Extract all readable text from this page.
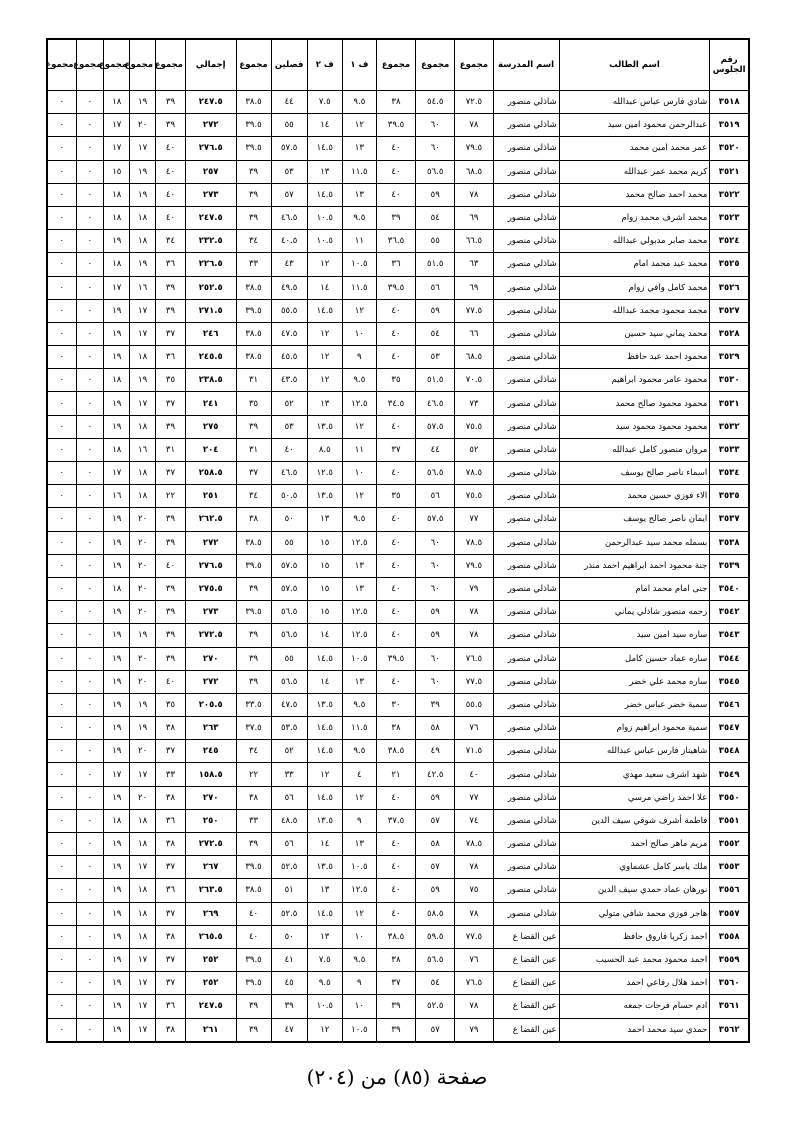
رقم الجلوس	اسم الطالب	اسم المدرسة	مجموع	مجموع	مجموع	ف ١	ف ٢	فصلين	مجموع	إجمالي	مجموع	مجموع	مجموع	مجموع	مجموع
٣٥١٨	شادي فارس عباس عبدالله	شاذلي منصور	٧٢.٥	٥٤.٥	٣٨	٩.٥	٧.٥	٤٤	٣٨.٥	٢٤٧.٥	٣٩	١٩	١٨	٠	٠
٣٥١٩	عبدالرحمن محمود امين سيد	شاذلي منصور	٧٨	٦٠	٣٩.٥	١٢	١٤	٥٥	٣٩.٥	٢٧٢	٣٩	٢٠	١٧	٠	٠
٣٥٢٠	عمر محمد امين محمد	شاذلي منصور	٧٩.٥	٦٠	٤٠	١٣	١٤.٥	٥٧.٥	٣٩.٥	٢٧٦.٥	٤٠	١٧	١٧	٠	٠
٣٥٢١	كريم محمد عمر عبدالله	شاذلي منصور	٦٨.٥	٥٦.٥	٤٠	١١.٥	١٣	٥٣	٣٩	٢٥٧	٤٠	١٩	١٥	٠	٠
٣٥٢٢	محمد احمد صالح محمد	شاذلي منصور	٧٨	٥٩	٤٠	١٣	١٤.٥	٥٧	٣٩	٢٧٣	٤٠	١٩	١٨	٠	٠
٣٥٢٣	محمد اشرف محمد زوام	شاذلي منصور	٦٩	٥٤	٣٩	٩.٥	١٠.٥	٤٦.٥	٣٩	٢٤٧.٥	٤٠	١٨	١٨	٠	٠
٣٥٢٤	محمد صابر مدبولي عبدالله	شاذلي منصور	٦٦.٥	٥٥	٣٦.٥	١١	١٠.٥	٤٠.٥	٣٤	٢٣٢.٥	٣٤	١٨	١٩	٠	٠
٣٥٢٥	محمد عيد محمد امام	شاذلي منصور	٦٣	٥١.٥	٣٦	١٠.٥	١٢	٤٣	٣٣	٢٢٦.٥	٣٦	١٩	١٨	٠	٠
٣٥٢٦	محمد كامل وافي زوام	شاذلي منصور	٦٩	٥٦	٣٩.٥	١١.٥	١٤	٤٩.٥	٣٨.٥	٢٥٢.٥	٣٩	١٦	١٧	٠	٠
٣٥٢٧	محمد محمود محمد عبدالله	شاذلي منصور	٧٧.٥	٥٩	٤٠	١٢	١٤.٥	٥٥.٥	٣٩.٥	٢٧١.٥	٣٩	١٧	١٩	٠	٠
٣٥٢٨	محمد يماني سيد حسين	شاذلي منصور	٦٦	٥٤	٤٠	١٠	١٢	٤٧.٥	٣٨.٥	٢٤٦	٣٧	١٧	١٩	٠	٠
٣٥٢٩	محمود احمد عبد حافظ	شاذلي منصور	٦٨.٥	٥٣	٤٠	٩	١٢	٤٥.٥	٣٨.٥	٢٤٥.٥	٣٦	١٨	١٩	٠	٠
٣٥٣٠	محمود عامر محمود ابراهيم	شاذلي منصور	٧٠.٥	٥١.٥	٣٥	٩.٥	١٢	٤٣.٥	٣١	٢٣٨.٥	٣٥	١٩	١٨	٠	٠
٣٥٣١	محمود محمود صالح محمد	شاذلي منصور	٧٣	٤٦.٥	٣٤.٥	١٢.٥	١٣	٥٢	٣٥	٢٤١	٣٧	١٧	١٩	٠	٠
٣٥٣٢	محمود محمود محمود سيد	شاذلي منصور	٧٥.٥	٥٧.٥	٤٠	١٢	١٣.٥	٥٣	٣٩	٢٧٥	٣٩	١٨	١٩	٠	٠
٣٥٣٣	مروان منصور كامل عبدالله	شاذلي منصور	٥٢	٤٤	٣٧	١١	٨.٥	٤٠	٣١	٢٠٤	٣١	١٦	١٨	٠	٠
٣٥٣٤	اسماء ناصر صالح يوسف	شاذلي منصور	٧٨.٥	٥٦.٥	٤٠	١٠	١٢.٥	٤٦.٥	٣٧	٢٥٨.٥	٣٧	١٨	١٧	٠	٠
٣٥٣٥	الاء فوزي حسين محمد	شاذلي منصور	٧٥.٥	٥٦	٣٥	١٢	١٣.٥	٥٠.٥	٣٤	٢٥١	٢٢	١٨	١٦	٠	٠
٣٥٣٧	ايمان ناصر صالح يوسف	شاذلي منصور	٧٧	٥٧.٥	٤٠	٩.٥	١٣	٥٠	٣٨	٢٦٢.٥	٣٩	٢٠	١٩	٠	٠
٣٥٣٨	بسمله محمد سيد عبدالرحمن	شاذلي منصور	٧٨.٥	٦٠	٤٠	١٢.٥	١٥	٥٥	٣٨.٥	٢٧٢	٣٩	٢٠	١٩	٠	٠
٣٥٣٩	جنة محمود احمد ابراهيم احمد منذر	شاذلي منصور	٧٩.٥	٦٠	٤٠	١٣	١٥	٥٧.٥	٣٩.٥	٢٧٦.٥	٤٠	٢٠	١٩	٠	٠
٣٥٤٠	جنى امام محمد امام	شاذلي منصور	٧٩	٦٠	٤٠	١٣	١٥	٥٧.٥	٣٩	٢٧٥.٥	٣٩	٢٠	١٨	٠	٠
٣٥٤٢	رحمه منصور شاذلي يماني	شاذلي منصور	٧٨	٥٩	٤٠	١٢.٥	١٥	٥٦.٥	٣٩.٥	٢٧٣	٣٩	٢٠	١٩	٠	٠
٣٥٤٣	ساره سيد امين سيد	شاذلي منصور	٧٨	٥٩	٤٠	١٢.٥	١٤	٥٦.٥	٣٩	٢٧٢.٥	٣٩	١٩	١٩	٠	٠
٣٥٤٤	ساره عماد حسين كامل	شاذلي منصور	٧٦.٥	٦٠	٣٩.٥	١٠.٥	١٤.٥	٥٥	٣٩	٢٧٠	٣٩	٢٠	١٩	٠	٠
٣٥٤٥	ساره محمد علي خضر	شاذلي منصور	٧٧.٥	٦٠	٤٠	١٣	١٤	٥٦.٥	٣٩	٢٧٢	٤٠	٢٠	١٩	٠	٠
٣٥٤٦	سمية خضر عباس خضر	شاذلي منصور	٥٥.٥	٣٩	٣٠	٩.٥	١٣.٥	٤٧.٥	٣٣.٥	٢٠٥.٥	٣٥	١٩	١٩	٠	٠
٣٥٤٧	سمية محمود ابراهيم زوام	شاذلي منصور	٧٦	٥٨	٣٨	١١.٥	١٤.٥	٥٣.٥	٣٧.٥	٢٦٣	٣٨	١٩	١٩	٠	٠
٣٥٤٨	شاهيناز فارس عباس عبدالله	شاذلي منصور	٧١.٥	٤٩	٣٨.٥	٩.٥	١٤.٥	٥٢	٣٤	٢٤٥	٣٧	٢٠	١٩	٠	٠
٣٥٤٩	شهد اشرف سعيد مهدي	شاذلي منصور	٤٠	٤٢.٥	٢١	٤	١٢	٣٣	٢٢	١٥٨.٥	٣٣	١٧	١٧	٠	٠
٣٥٥٠	علا احمد راضي مرسي	شاذلي منصور	٧٧	٥٩	٤٠	١٢	١٤.٥	٥٦	٣٨	٢٧٠	٣٨	٢٠	١٩	٠	٠
٣٥٥١	فاطمة أشرف شوقي سيف الدين	شاذلي منصور	٧٤	٥٧	٣٧.٥	٩	١٣.٥	٤٨.٥	٣٣	٢٥٠	٣٦	١٨	١٨	٠	٠
٣٥٥٢	مريم ماهر صالح احمد	شاذلي منصور	٧٨.٥	٥٨	٤٠	١٣	١٤	٥٦	٣٩	٢٧٢.٥	٣٨	١٨	١٩	٠	٠
٣٥٥٣	ملك ياسر كامل عشماوي	شاذلي منصور	٧٨	٥٧	٤٠	١٠.٥	١٣.٥	٥٢.٥	٣٩.٥	٢٦٧	٣٧	١٧	١٩	٠	٠
٣٥٥٦	نورهان عماد حمدي سيف الدين	شاذلي منصور	٧٥	٥٩	٤٠	١٢.٥	١٣	٥١	٣٨.٥	٢٦٣.٥	٣٦	١٨	١٩	٠	٠
٣٥٥٧	هاجر فوزي محمد شافي متولي	شاذلي منصور	٧٨	٥٨.٥	٤٠	١٢	١٤.٥	٥٢.٥	٤٠	٢٦٩	٣٧	١٨	١٩	٠	٠
٣٥٥٨	احمد زكريا فاروق حافظ	عين القضا ع	٧٧.٥	٥٩.٥	٣٨.٥	١٠	١٣	٥٠	٤٠	٢٦٥.٥	٣٨	١٨	١٩	٠	٠
٣٥٥٩	احمد محمود محمد عبد الحسيب	عين القضا ع	٧٦	٥٦.٥	٣٨	٩.٥	٧.٥	٤١	٣٩.٥	٢٥٢	٣٧	١٧	١٩	٠	٠
٣٥٦٠	احمد هلال رفاعي احمد	عين القضا ع	٧٦.٥	٥٤	٣٧	٩	٩.٥	٤٥	٣٩.٥	٢٥٢	٣٧	١٧	١٩	٠	٠
٣٥٦١	ادم حسام فرحات جمعه	عين القضا ع	٧٨	٥٢.٥	٣٩	١٠	١٠.٥	٣٩	٣٩	٢٤٧.٥	٣٦	١٧	١٩	٠	٠
٣٥٦٢	حمدي سيد محمد احمد	عين القضا ع	٧٩	٥٧	٣٩	١٠.٥	١٢	٤٧	٣٩	٢٦١	٣٨	١٧	١٩	٠	٠
صفحة (٨٥) من (٢٠٤)
